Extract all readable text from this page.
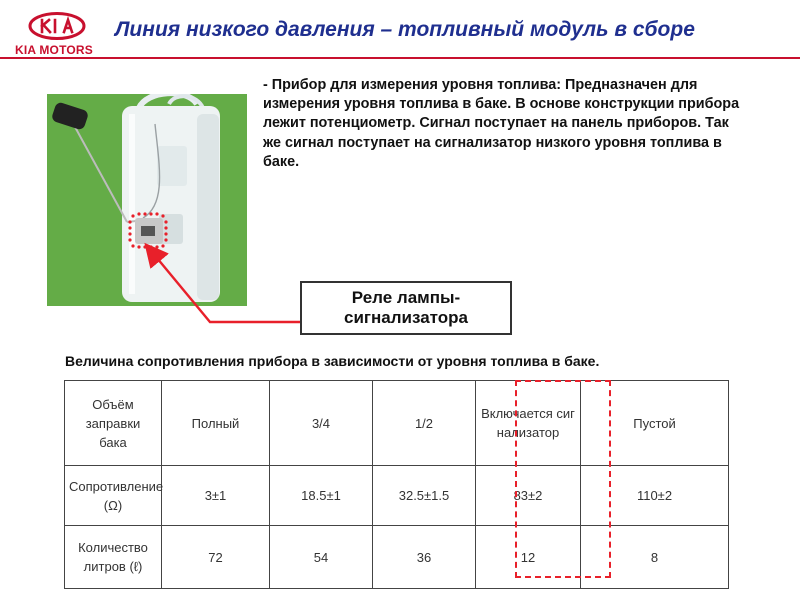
KIA MOTORS
Линия низкого давления – топливный модуль в сборе
- Прибор для измерения уровня топлива: Предназначен для измерения уровня топлива в баке. В основе конструкции прибора лежит потенциометр. Сигнал поступает на панель приборов. Так же сигнал поступает на сигнализатор низкого уровня топлива в баке.
Реле лампы-
сигнализатора
Величина сопротивления прибора в зависимости от уровня топлива в баке.
Объём заправки
бака	Полный	3/4	1/2	Включается сигнализатор	Пустой
Сопротивление
(Ω)	3±1	18.5±1	32.5±1.5	83±2	110±2
Количество
литров (ℓ)	72	54	36	12	8
